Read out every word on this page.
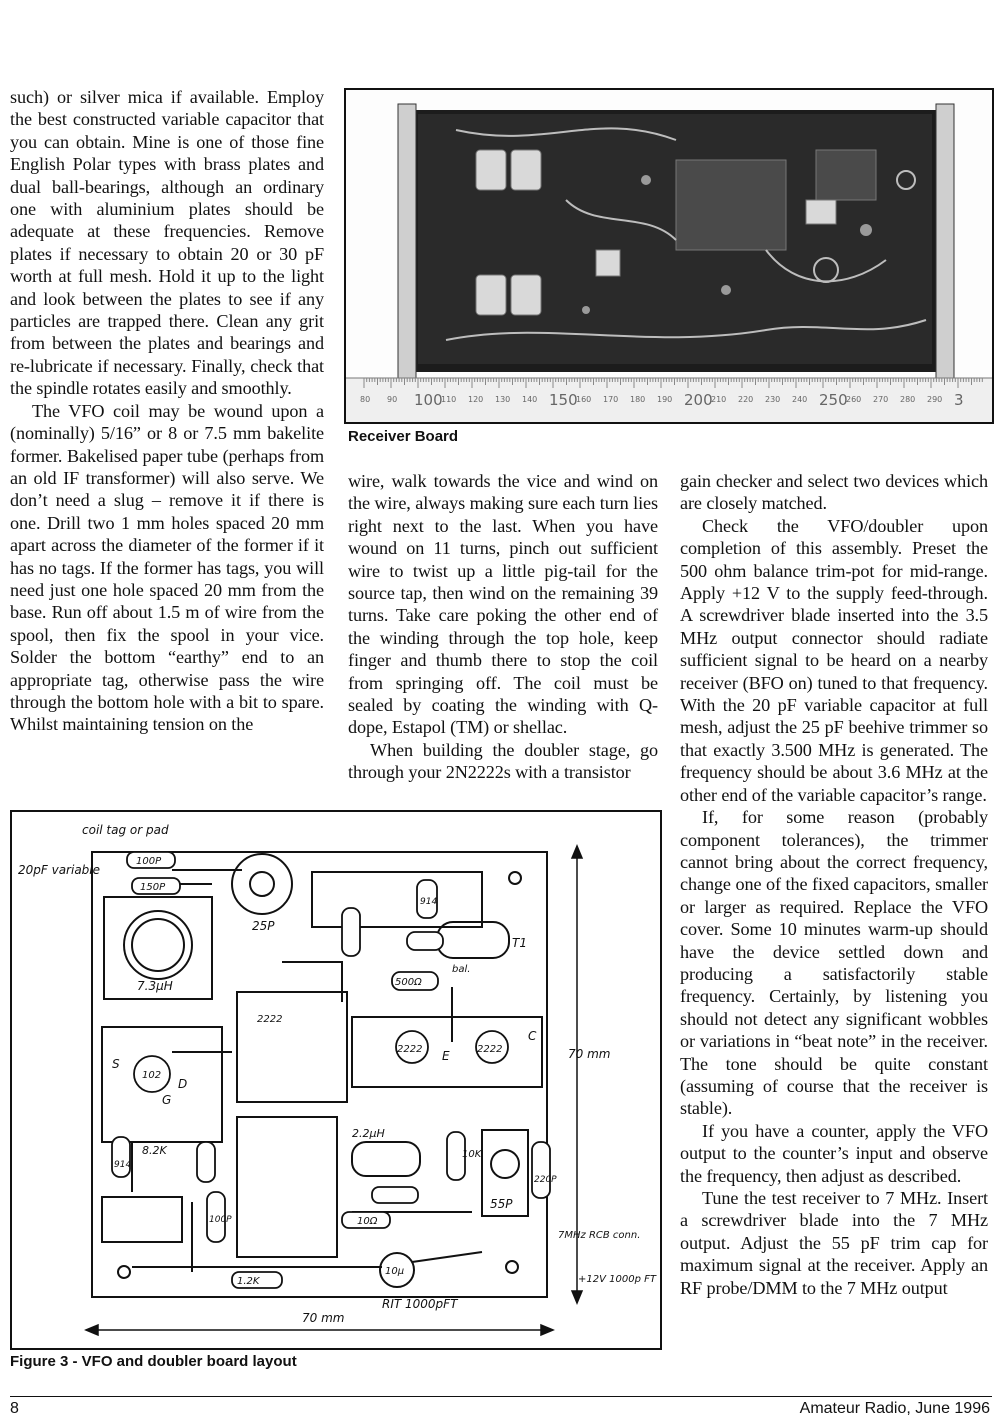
such) or silver mica if available. Employ the best constructed variable capacitor that you can obtain. Mine is one of those fine English Polar types with brass plates and dual ball-bearings, although an ordinary one with aluminium plates should be adequate at these frequencies. Remove plates if necessary to obtain 20 or 30 pF worth at full mesh. Hold it up to the light and look between the plates to see if any particles are trapped there. Clean any grit from between the plates and bearings and re-lubricate if necessary. Finally, check that the spindle rotates easily and smoothly.

The VFO coil may be wound upon a (nominally) 5/16” or 8 or 7.5 mm bakelite former. Bakelised paper tube (perhaps from an old IF transformer) will also serve. We don’t need a slug – remove it if there is one. Drill two 1 mm holes spaced 20 mm apart across the diameter of the former if it has no tags. If the former has tags, you will need just one hole spaced 20 mm from the base. Run off about 1.5 m of wire from the spool, then fix the spool in your vice. Solder the bottom “earthy” end to an appropriate tag, otherwise pass the wire through the bottom hole with a bit to spare. Whilst maintaining tension on the

80 90 100
110 120 130 140 150
160 170 180 190 200
210 220 230 240 250
260 270 280 290 3
Receiver Board

wire, walk towards the vice and wind on the wire, always making sure each turn lies right next to the last. When you have wound on 11 turns, pinch out sufficient wire to twist up a little pig-tail for the source tap, then wind on the remaining 39 turns. Take care poking the other end of the winding through the top hole, keep finger and thumb there to stop the coil from springing off. The coil must be sealed by coating the winding with Q-dope, Estapol (TM) or shellac.

When building the doubler stage, go through your 2N2222s with a transistor

gain checker and select two devices which are closely matched.

Check the VFO/doubler upon completion of this assembly. Preset the 500 ohm balance trim-pot for mid-range. Apply +12 V to the supply feed-through. A screwdriver blade inserted into the 3.5 MHz output connector should radiate sufficient signal to be heard on a nearby receiver (BFO on) tuned to that frequency. With the 20 pF variable capacitor at full mesh, adjust the 25 pF beehive trimmer so that exactly 3.500 MHz is generated. The frequency should be about 3.6 MHz at the other end of the variable capacitor’s range.

If, for some reason (probably component tolerances), the trimmer cannot bring about the correct frequency, change one of the fixed capacitors, smaller or larger as required. Replace the VFO cover. Some 10 minutes warm-up should have the device settled down and producing a satisfactorily stable frequency. Certainly, by listening you should not detect any significant wobbles or variations in “beat note” in the receiver. The tone should be quite constant (assuming of course that the receiver is stable).

If you have a counter, apply the VFO output to the counter’s input and observe the frequency, then adjust as described.

Tune the test receiver to 7 MHz. Insert a screwdriver blade into the 7 MHz output. Adjust the 55 pF trim cap for maximum signal at the receiver. Apply an RF probe/DMM to the 7 MHz output

coil tag or pad
20pF variable
100P
150P
25P
7.3μH
T1
bal.
500Ω
70 mm
70 mm
2222	2222
2222
102
2.2μH
10K
55P
220P
8.2K
1.2K
10μ
10Ω
RIT 1000pFT
7MHz RCB conn.
+12V 1000p FT
914
914
100P
S
D
G
C
E
Figure 3 - VFO and doubler board layout
8	Amateur Radio, June 1996
